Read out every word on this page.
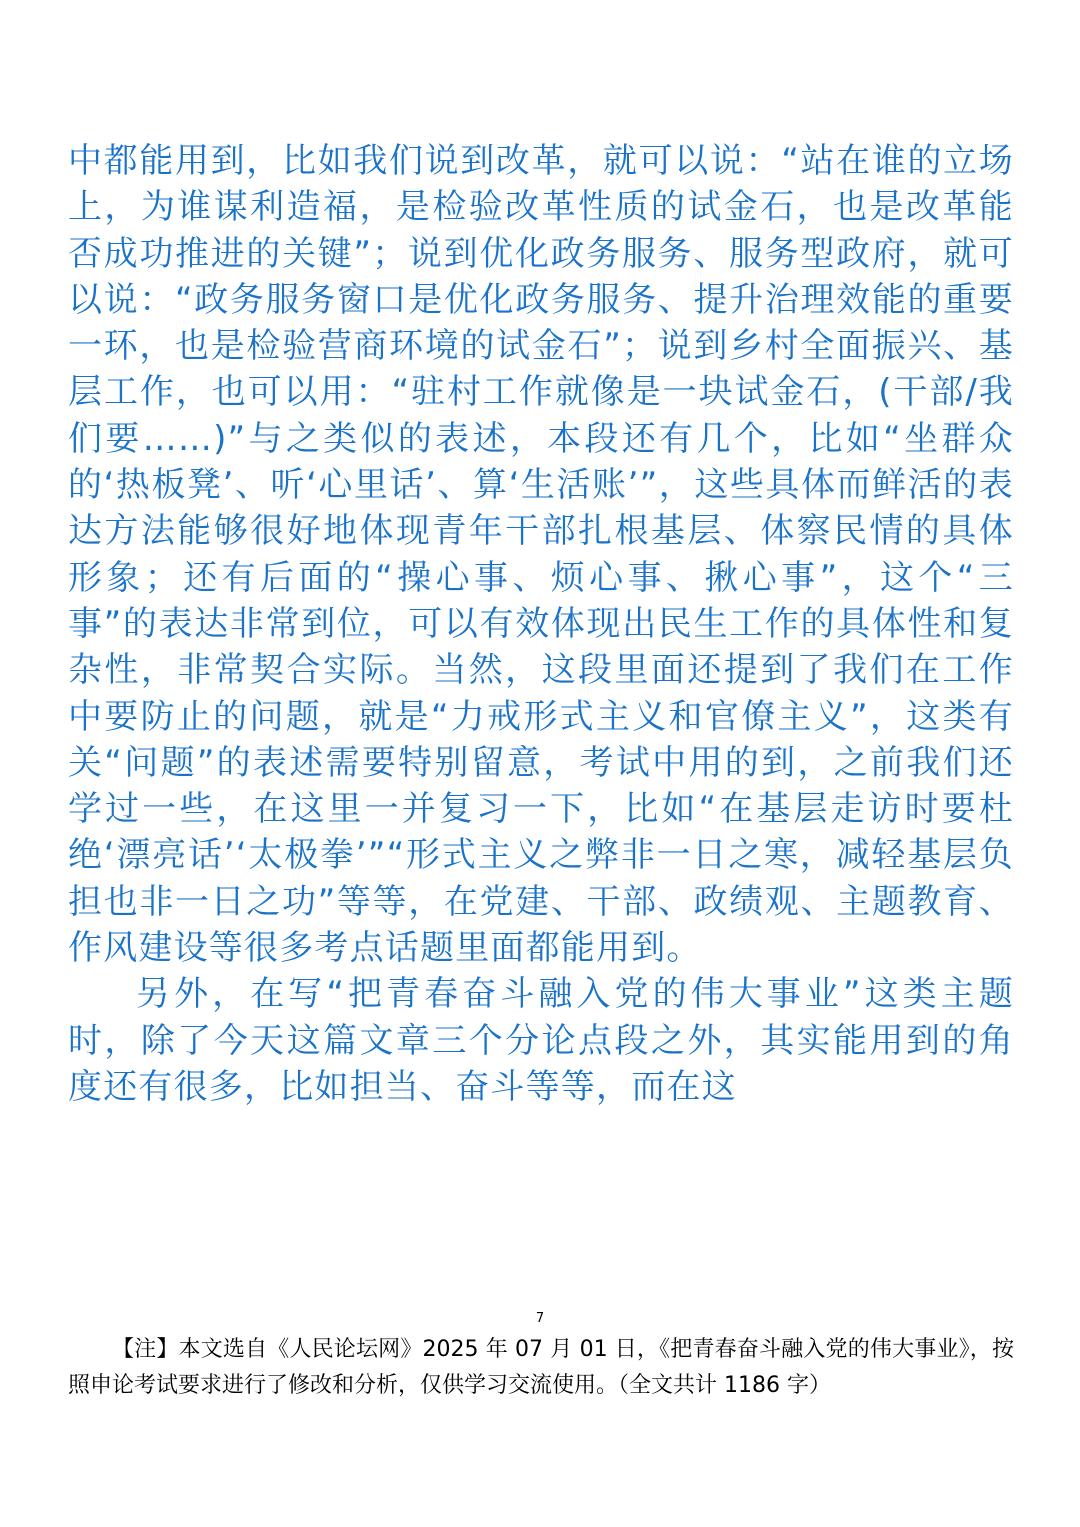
中都能用到，比如我们说到改革，就可以说：“站在谁的立场上，为谁谋利造福，是检验改革性质的试金石，也是改革能否成功推进的关键”；说到优化政务服务、服务型政府，就可以说：“政务服务窗口是优化政务服务、提升治理效能的重要一环，也是检验营商环境的试金石”；说到乡村全面振兴、基层工作，也可以用：“驻村工作就像是一块试金石，(干部/我们要……)”与之类似的表述，本段还有几个，比如“坐群众的‘热板凳’、听‘心里话’、算‘生活账’”，这些具体而鲜活的表达方法能够很好地体现青年干部扎根基层、体察民情的具体形象；还有后面的“操心事、烦心事、揪心事”，这个“三事”的表达非常到位，可以有效体现出民生工作的具体性和复杂性，非常契合实际。当然，这段里面还提到了我们在工作中要防止的问题，就是“力戒形式主义和官僚主义”，这类有关“问题”的表述需要特别留意，考试中用的到，之前我们还学过一些，在这里一并复习一下，比如“在基层走访时要杜绝‘漂亮话’‘太极拳’”“形式主义之弊非一日之寒，减轻基层负担也非一日之功”等等，在党建、干部、政绩观、主题教育、作风建设等很多考点话题里面都能用到。

另外，在写“把青春奋斗融入党的伟大事业”这类主题时，除了今天这篇文章三个分论点段之外，其实能用到的角度还有很多，比如担当、奋斗等等，而在这

7
【注】本文选自《人民论坛网》2025 年 07 月 01 日，《把青春奋斗融入党的伟大事业》，按照申论考试要求进行了修改和分析，仅供学习交流使用。（全文共计 1186 字）
